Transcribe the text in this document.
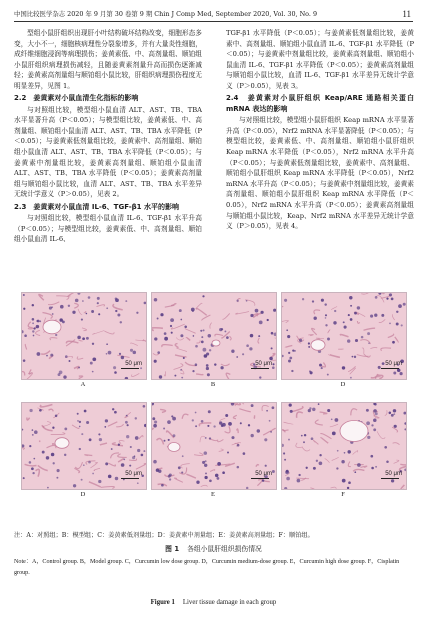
中国比较医学杂志 2020 年 9 月第 30 卷第 9 期 Chin J Comp Med, September 2020, Vol. 30, No. 9	11

型组小鼠肝组织出现肝小叶结构破坏结构改变，细胞形态多变，大小不一，细胞核病理性分裂象增多，并有大量炎性细胞，成纤维细胞浸润等病理损伤；姜黄素低、中、高剂量组、顺铂组小鼠肝组织病理损伤减轻，且随姜黄素剂量升高而损伤逐渐减轻；姜黄素高剂量组与顺铂组小鼠比较，肝组织病理损伤程度无明显差异，见图 1。

2.2　姜黄素对小鼠血清生化指标的影响

与对照组比较，模型组小鼠血清 ALT、AST、TB、TBA 水平显著升高（P＜0.05）；与模型组比较，姜黄素低、中、高剂量组、顺铂组小鼠血清 ALT、AST、TB、TBA 水平降低（P＜0.05）；与姜黄素低剂量组比较，姜黄素中、高剂量组、顺铂组小鼠血清 ALT、AST、TB、TBA 水平降低（P＜0.05）；与姜黄素中剂量组比较，姜黄素高剂量组、顺铂组小鼠血清 ALT、AST、TB、TBA 水平降低（P＜0.05）；姜黄素高剂量组与顺铂组小鼠比较，血清 ALT、AST、TB、TBA 水平差异无统计学意义（P＞0.05），见表 2。

2.3　姜黄素对小鼠血清 IL-6、TGF-β1 水平的影响

与对照组比较，模型组小鼠血清 IL-6、TGF-β1 水平升高（P＜0.05）；与模型组比较，姜黄素低、中、高剂量组、顺铂组小鼠血清 IL-6、

TGF-β1 水平降低（P＜0.05）；与姜黄素低剂量组比较，姜黄素中、高剂量组、顺铂组小鼠血清 IL-6、TGF-β1 水平降低（P＜0.05）；与姜黄素中剂量组比较，姜黄素高剂量组、顺铂组小鼠血清 IL-6、TGF-β1 水平降低（P＜0.05）；姜黄素高剂量组与顺铂组小鼠比较，血清 IL-6、TGF-β1 水平差异无统计学意义（P＞0.05），见表 3。

2.4　姜黄素对小鼠肝组织 Keap/ARE 通路相关蛋白 mRNA 表达的影响

与对照组比较，模型组小鼠肝组织 Keap mRNA 水平显著升高（P＜0.05），Nrf2 mRNA 水平显著降低（P＜0.05）；与模型组比较，姜黄素低、中、高剂量组、顺铂组小鼠肝组织 Keap mRNA 水平降低（P＜0.05），Nrf2 mRNA 水平升高（P＜0.05）；与姜黄素低剂量组比较，姜黄素中、高剂量组、顺铂组小鼠肝组织 Keap mRNA 水平降低（P＜0.05），Nrf2 mRNA 水平升高（P＜0.05）；与姜黄素中剂量组比较，姜黄素高剂量组、顺铂组小鼠肝组织 Keap mRNA 水平降低（P＜0.05），Nrf2 mRNA 水平升高（P＜0.05）；姜黄素高剂量组与顺铂组小鼠比较，Keap、Nrf2 mRNA 水平差异无统计学意义（P＞0.05），见表 4。

50 μm	50 μm	50 μm
A	B	D
50 μm	50 μm	50 μm
D	E	F
注：A：对照组；B：模型组；C：姜黄素低剂量组；D：姜黄素中剂量组；E：姜黄素高剂量组；F：顺铂组。
图 1 各组小鼠肝组织损伤情况
Note：A，Control group. B，Model group. C，Curcumin low dose group. D，Curcumin medium-dose group. E，Curcumin high dose group. F，Cisplatin group.
Figure 1 Liver tissue damage in each group
